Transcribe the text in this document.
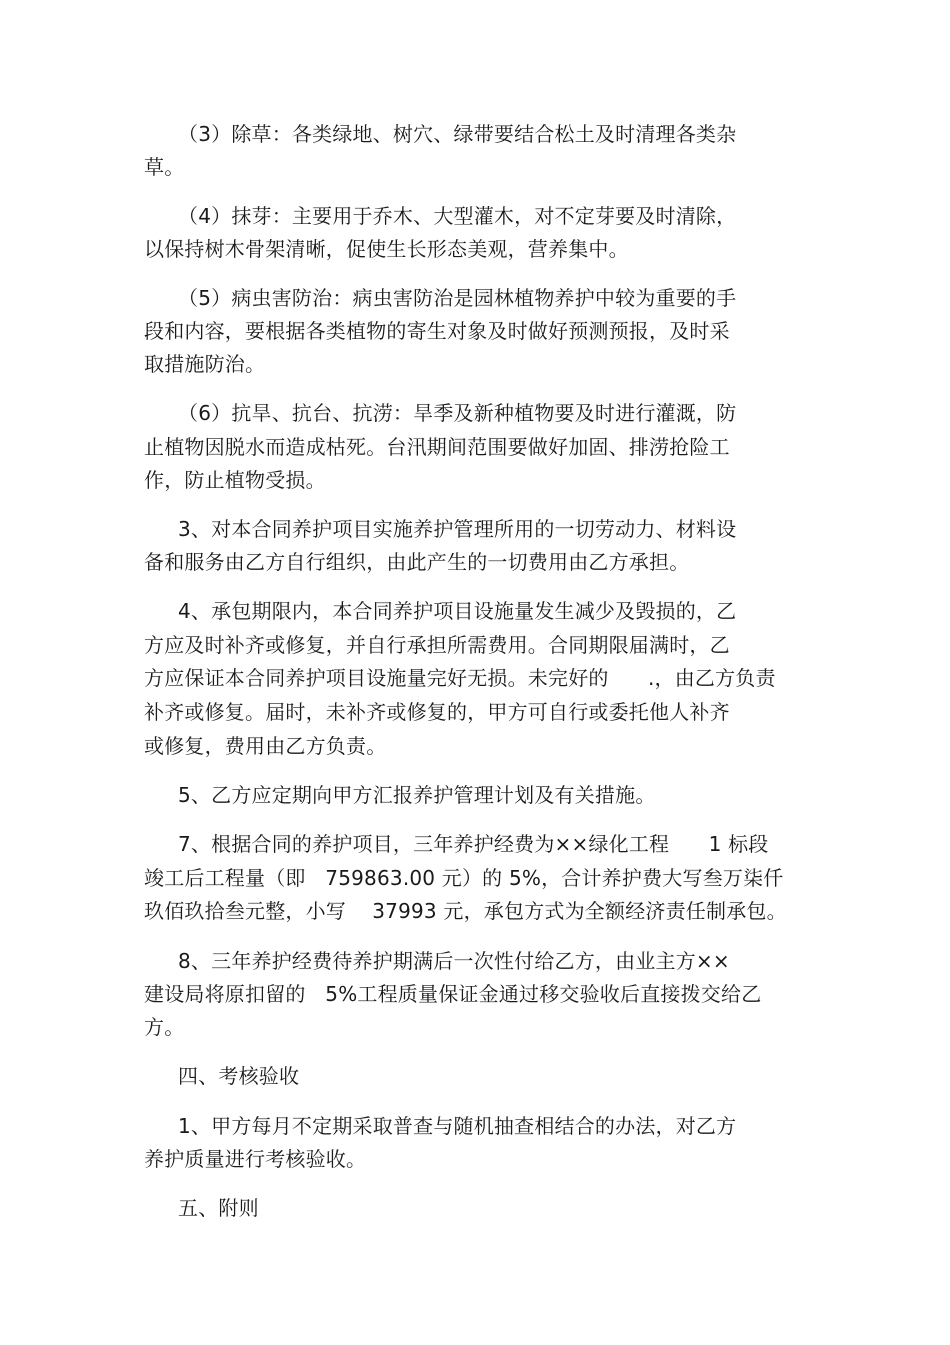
（3）除草：各类绿地、树穴、绿带要结合松土及时清理各类杂
草。
（4）抹芽：主要用于乔木、大型灌木，对不定芽要及时清除，
以保持树木骨架清晰，促使生长形态美观，营养集中。
（5）病虫害防治：病虫害防治是园林植物养护中较为重要的手
段和内容，要根据各类植物的寄生对象及时做好预测预报，及时采
取措施防治。
（6）抗旱、抗台、抗涝：旱季及新种植物要及时进行灌溉，防
止植物因脱水而造成枯死。台汛期间范围要做好加固、排涝抢险工
作，防止植物受损。
3、对本合同养护项目实施养护管理所用的一切劳动力、材料设
备和服务由乙方自行组织，由此产生的一切费用由乙方承担。
4、承包期限内，本合同养护项目设施量发生减少及毁损的，乙
方应及时补齐或修复，并自行承担所需费用。合同期限届满时，乙
方应保证本合同养护项目设施量完好无损。未完好的      .，由乙方负责
补齐或修复。届时，未补齐或修复的，甲方可自行或委托他人补齐
或修复，费用由乙方负责。
5、乙方应定期向甲方汇报养护管理计划及有关措施。
7、根据合同的养护项目，三年养护经费为××绿化工程      1 标段
竣工后工程量（即   759863.00 元）的 5%，合计养护费大写叁万柒仟
玖佰玖拾叁元整，小写    37993 元，承包方式为全额经济责任制承包。
8、三年养护经费待养护期满后一次性付给乙方，由业主方××
建设局将原扣留的   5%工程质量保证金通过移交验收后直接拨交给乙
方。
四、考核验收
1、甲方每月不定期采取普查与随机抽查相结合的办法，对乙方
养护质量进行考核验收。
五、附则
